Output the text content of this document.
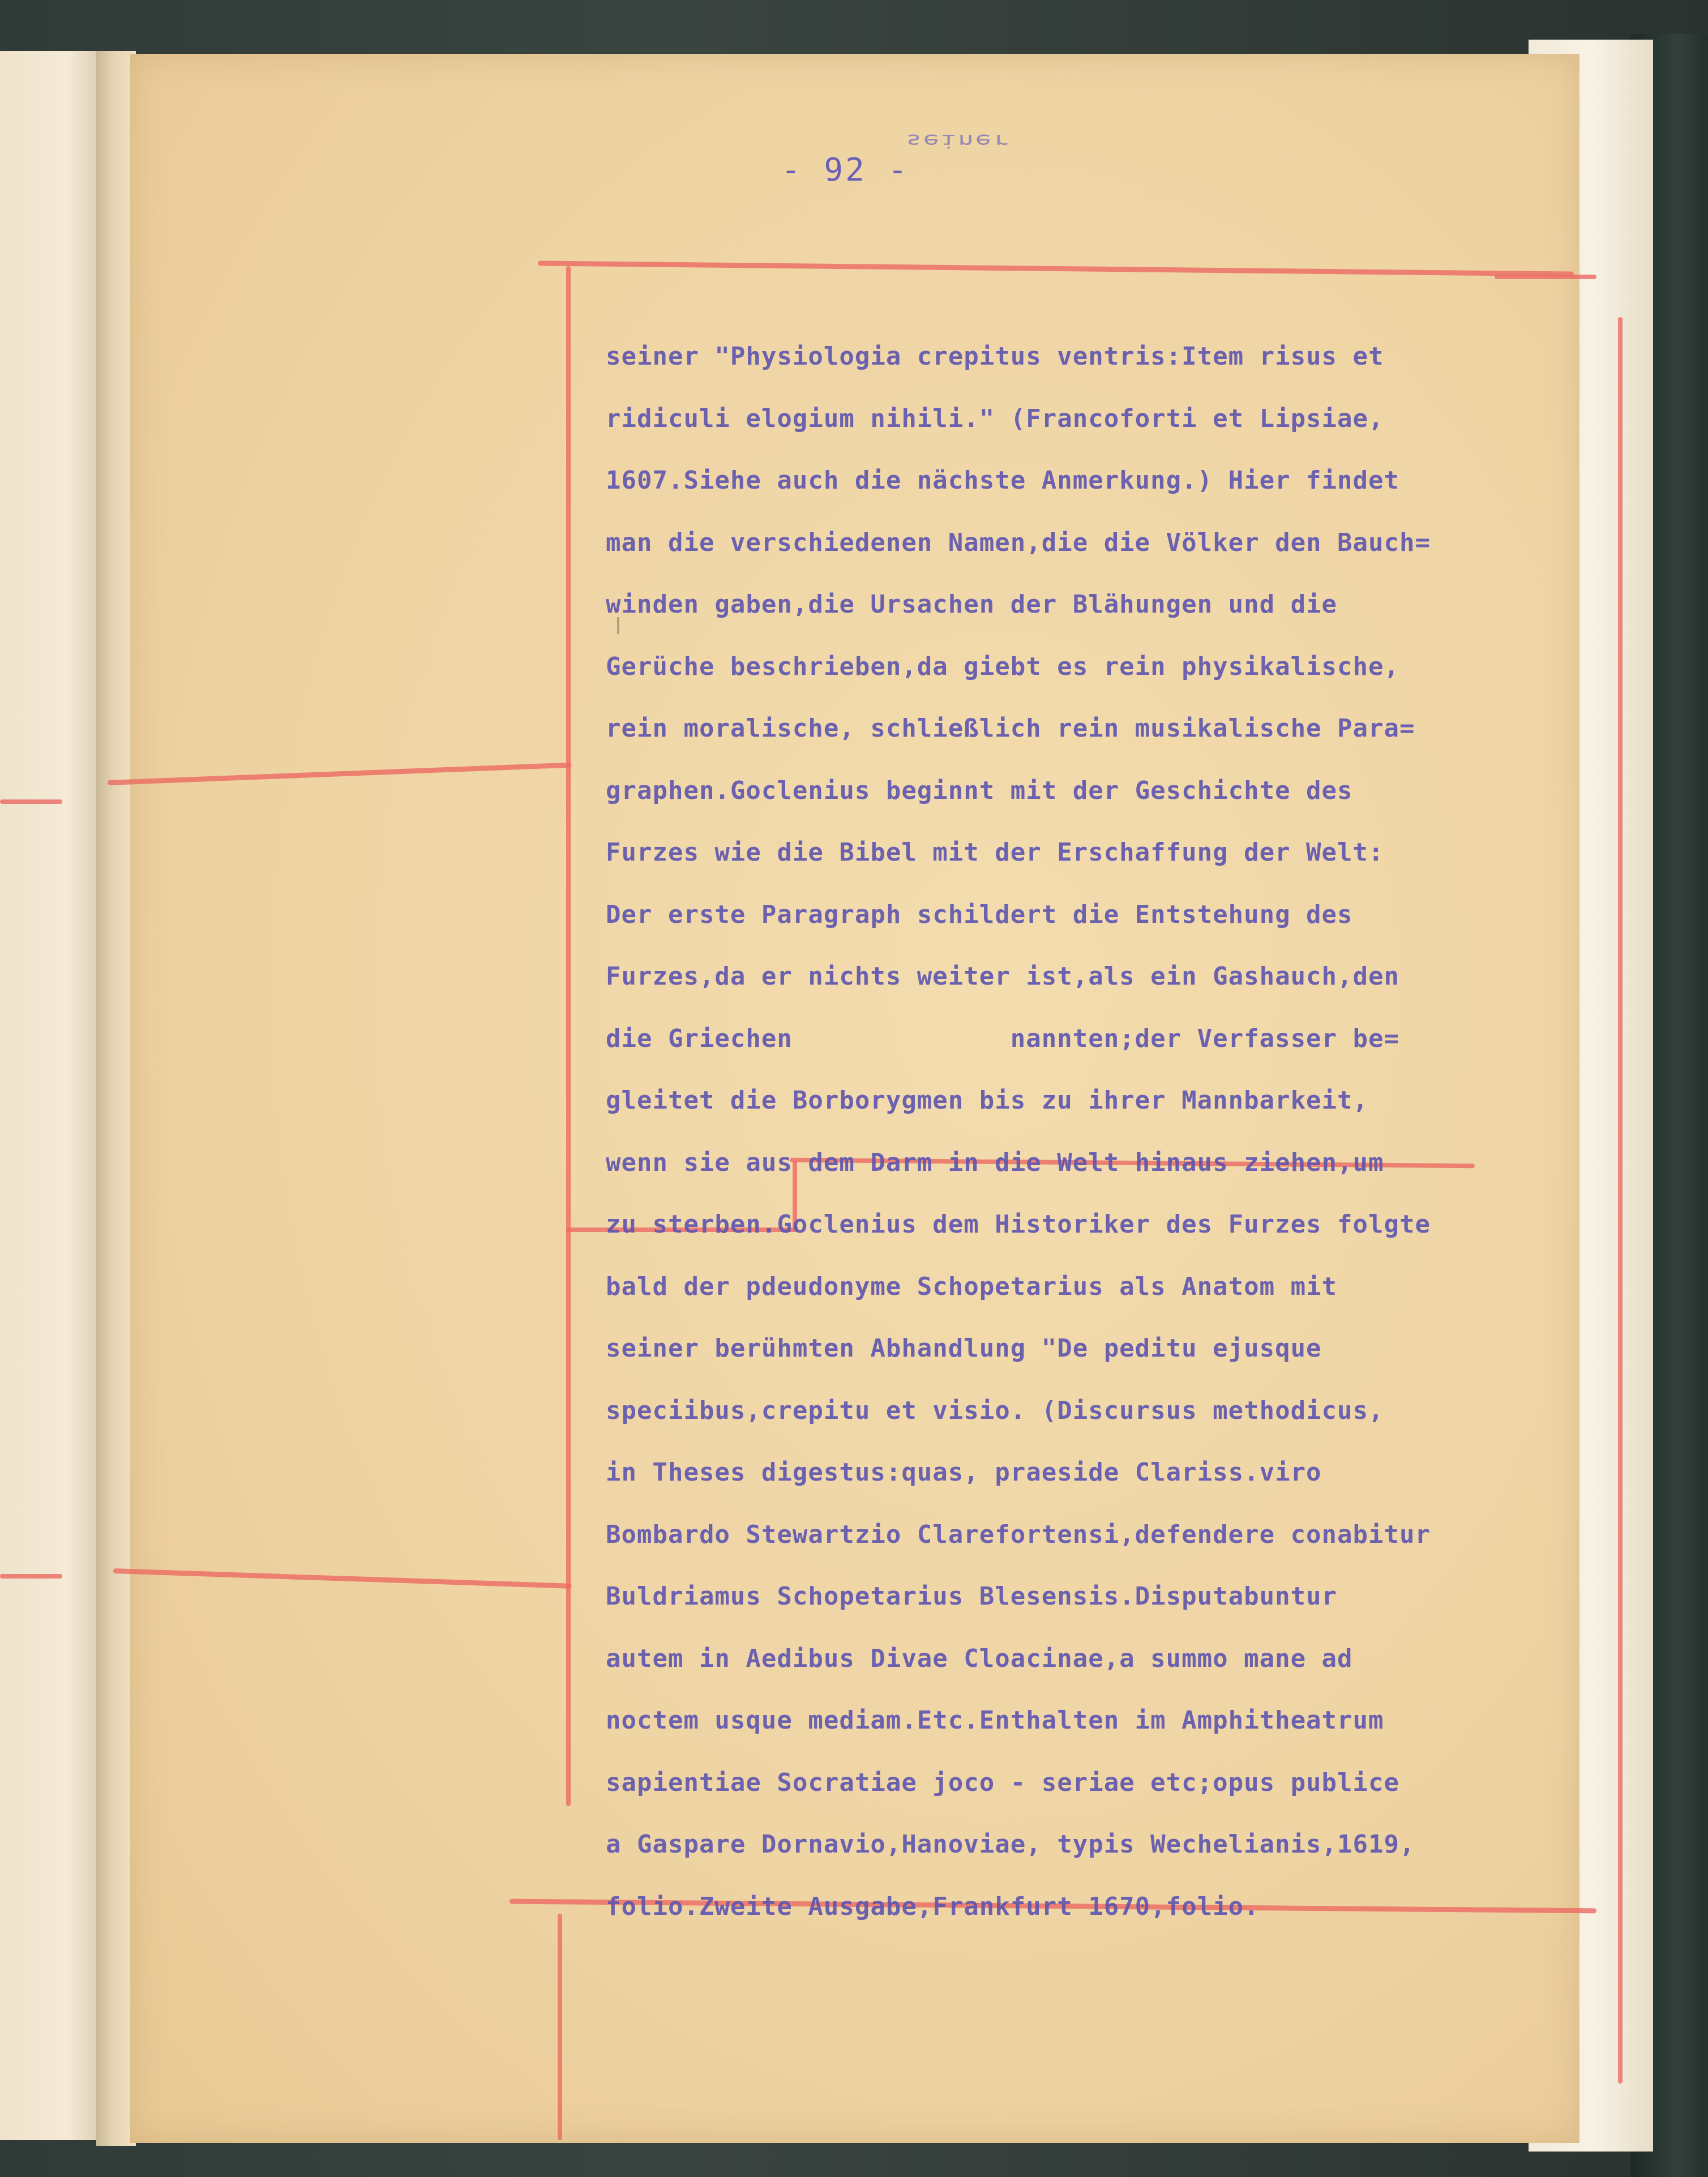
seiner
- 92 -
seiner "Physiologia crepitus ventris:Item risus et
ridiculi elogium nihili." (Francoforti et Lipsiae,
1607.Siehe auch die nächste Anmerkung.) Hier findet
man die verschiedenen Namen,die die Völker den Bauch=
winden gaben,die Ursachen der Blähungen und die
Gerüche beschrieben,da giebt es rein physikalische,
rein moralische, schließlich rein musikalische Para=
graphen.Goclenius beginnt mit der Geschichte des
Furzes wie die Bibel mit der Erschaffung der Welt:
Der erste Paragraph schildert die Entstehung des
Furzes,da er nichts weiter ist,als ein Gashauch,den
die Griechen              nannten;der Verfasser be=
gleitet die Borborygmen bis zu ihrer Mannbarkeit,
wenn sie aus dem Darm in die Welt hinaus ziehen,um
zu sterben.Goclenius dem Historiker des Furzes folgte
bald der pdeudonyme Schopetarius als Anatom mit
seiner berühmten Abhandlung "De peditu ejusque
speciibus,crepitu et visio. (Discursus methodicus,
in Theses digestus:quas, praeside Clariss.viro
Bombardo Stewartzio Clarefortensi,defendere conabitur
Buldriamus Schopetarius Blesensis.Disputabuntur
autem in Aedibus Divae Cloacinae,a summo mane ad
noctem usque mediam.Etc.Enthalten im Amphitheatrum
sapientiae Socratiae joco - seriae etc;opus publice
a Gaspare Dornavio,Hanoviae, typis Wechelianis,1619,
folio.Zweite Ausgabe,Frankfurt 1670,folio.
